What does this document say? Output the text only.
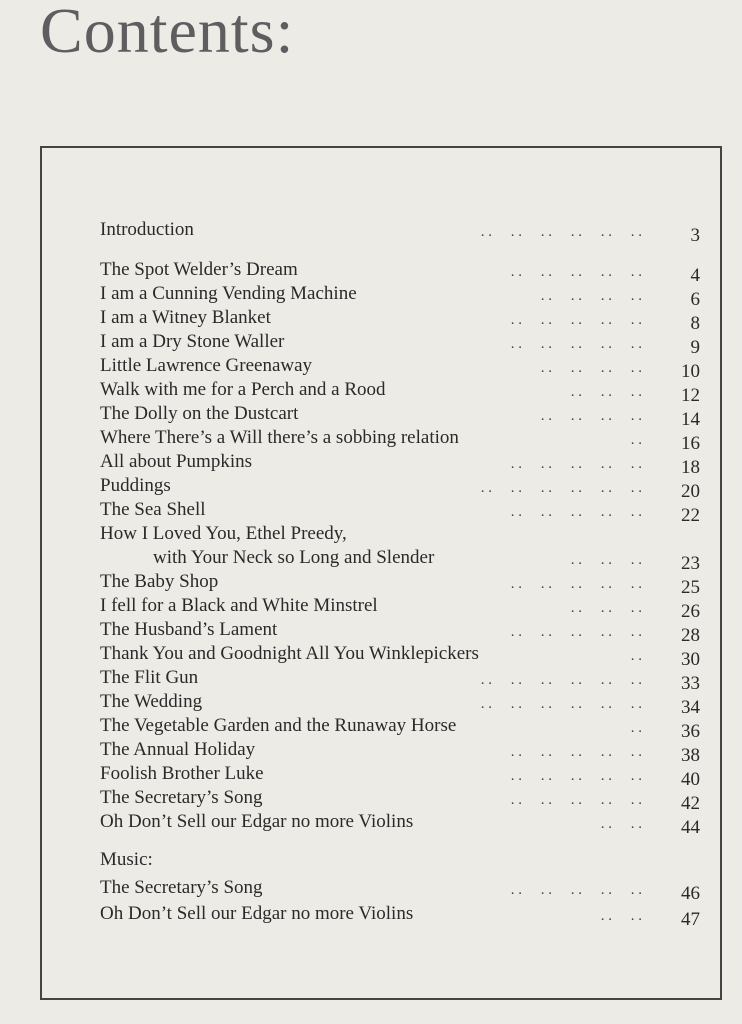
Contents:
Music:
Introduction	. .     . .     . .     . .     . .     . .	3
The Spot Welder’s Dream	. .     . .     . .     . .     . .	4
I am a Cunning Vending Machine	. .     . .     . .     . .	6
I am a Witney Blanket	. .     . .     . .     . .     . .	8
I am a Dry Stone Waller	. .     . .     . .     . .     . .	9
Little Lawrence Greenaway	. .     . .     . .     . .	10
Walk with me for a Perch and a Rood	. .     . .     . .	12
The Dolly on the Dustcart	. .     . .     . .     . .	14
Where There’s a Will there’s a sobbing relation	. .	16
All about Pumpkins	. .     . .     . .     . .     . .	18
Puddings	. .     . .     . .     . .     . .     . .	20
The Sea Shell	. .     . .     . .     . .     . .	22
How I Loved You, Ethel Preedy,
with Your Neck so Long and Slender	. .     . .     . .	23
The Baby Shop	. .     . .     . .     . .     . .	25
I fell for a Black and White Minstrel	. .     . .     . .	26
The Husband’s Lament	. .     . .     . .     . .     . .	28
Thank You and Goodnight All You Winklepickers	. .	30
The Flit Gun	. .     . .     . .     . .     . .     . .	33
The Wedding	. .     . .     . .     . .     . .     . .	34
The Vegetable Garden and the Runaway Horse	. .	36
The Annual Holiday	. .     . .     . .     . .     . .	38
Foolish Brother Luke	. .     . .     . .     . .     . .	40
The Secretary’s Song	. .     . .     . .     . .     . .	42
Oh Don’t Sell our Edgar no more Violins	. .     . .	44
The Secretary’s Song	. .     . .     . .     . .     . .	46
Oh Don’t Sell our Edgar no more Violins	. .     . .	47
